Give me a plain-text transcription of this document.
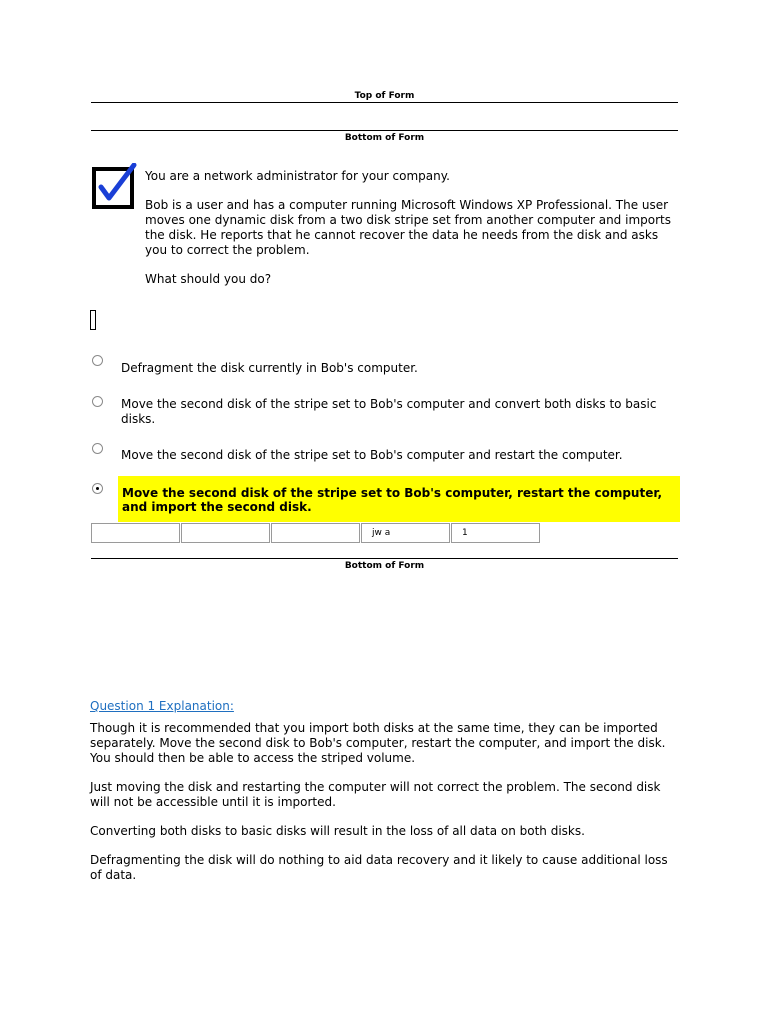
Top of Form
Bottom of Form

You are a network administrator for your company.

Bob is a user and has a computer running Microsoft Windows XP Professional. The user moves one dynamic disk from a two disk stripe set from another computer and imports the disk. He reports that he cannot recover the data he needs from the disk and asks you to correct the problem.

What should you do?

Defragment the disk currently in Bob's computer.
Move the second disk of the stripe set to Bob's computer and convert both disks to basic disks.
Move the second disk of the stripe set to Bob's computer and restart the computer.
Move the second disk of the stripe set to Bob's computer, restart the computer, and import the second disk.
jw a	1
Bottom of Form
Question 1 Explanation:

Though it is recommended that you import both disks at the same time, they can be imported separately. Move the second disk to Bob's computer, restart the computer, and import the disk. You should then be able to access the striped volume.

Just moving the disk and restarting the computer will not correct the problem. The second disk will not be accessible until it is imported.

Converting both disks to basic disks will result in the loss of all data on both disks.

Defragmenting the disk will do nothing to aid data recovery and it likely to cause additional loss of data.
